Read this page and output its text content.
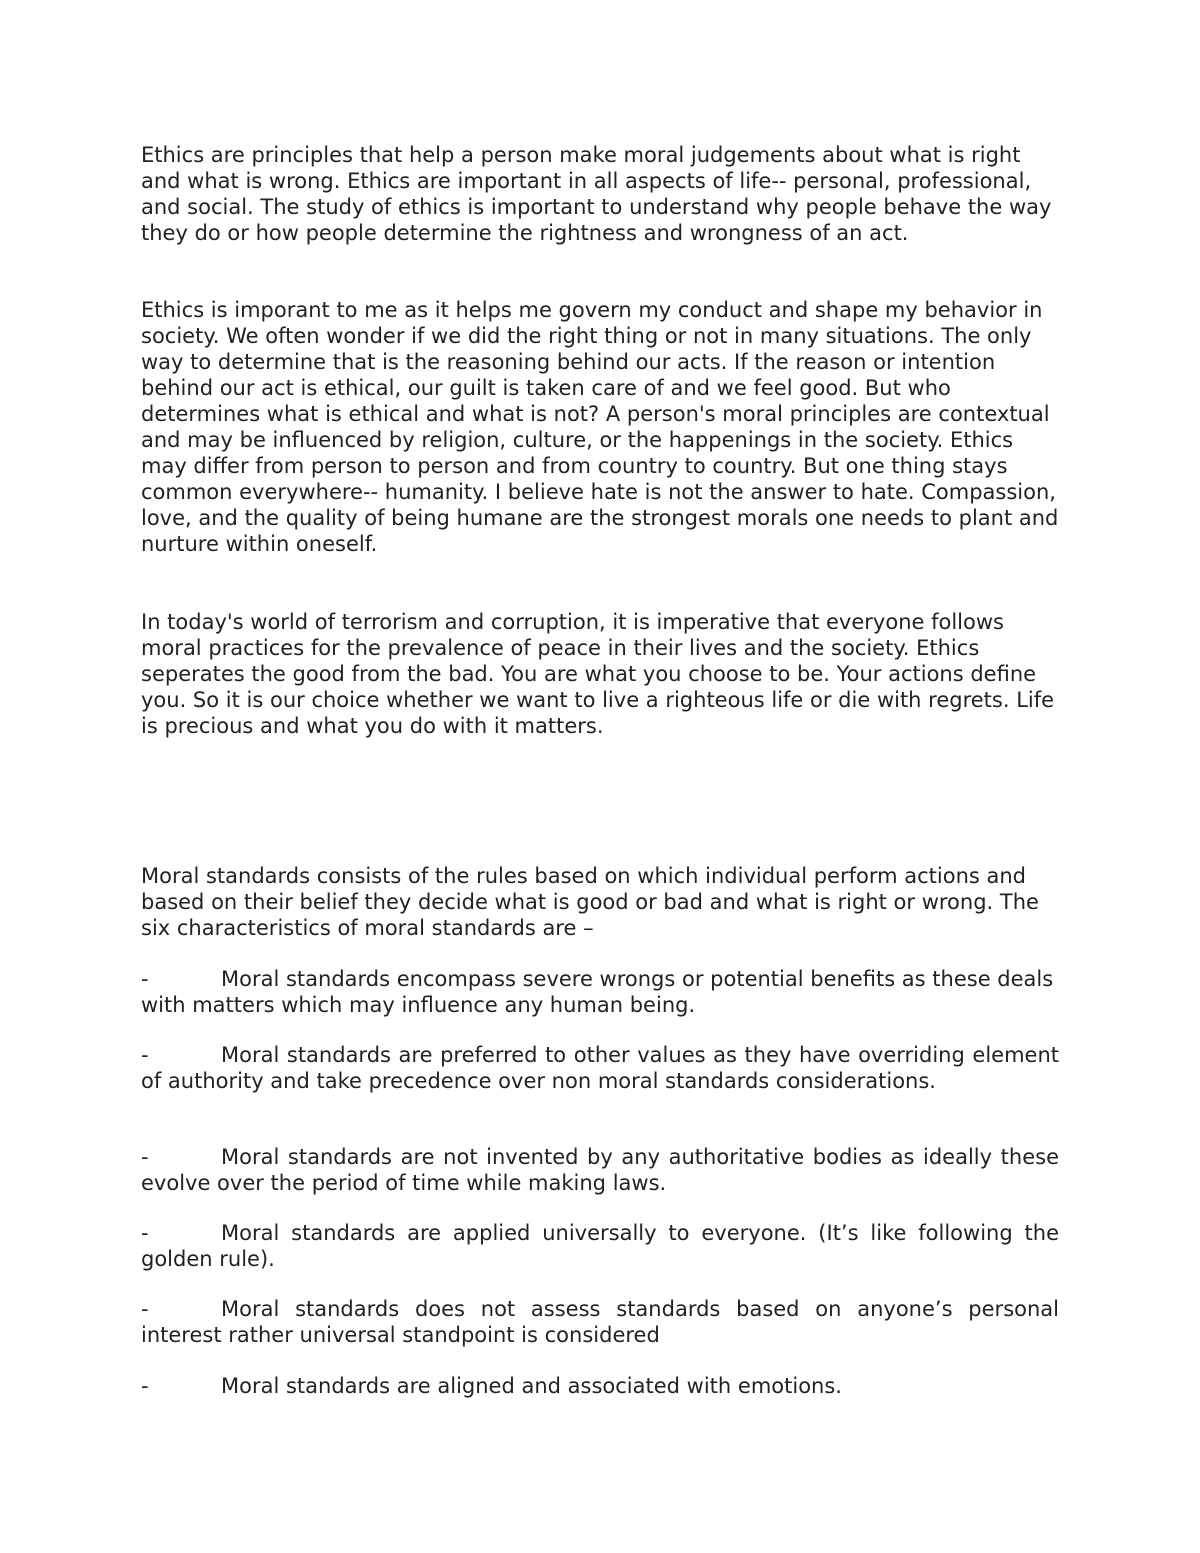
Ethics are principles that help a person make moral judgements about what is right and what is wrong. Ethics are important in all aspects of life-- personal, professional, and social. The study of ethics is important to understand why people behave the way they do or how people determine the rightness and wrongness of an act.

Ethics is imporant to me as it helps me govern my conduct and shape my behavior in society. We often wonder if we did the right thing or not in many situations. The only way to determine that is the reasoning behind our acts. If the reason or intention behind our act is ethical, our guilt is taken care of and we feel good. But who determines what is ethical and what is not? A person's moral principles are contextual and may be influenced by religion, culture, or the happenings in the society. Ethics may differ from person to person and from country to country. But one thing stays common everywhere-- humanity. I believe hate is not the answer to hate. Compassion, love, and the quality of being humane are the strongest morals one needs to plant and nurture within oneself.

In today's world of terrorism and corruption, it is imperative that everyone follows moral practices for the prevalence of peace in their lives and the society. Ethics seperates the good from the bad. You are what you choose to be. Your actions define you. So it is our choice whether we want to live a righteous life or die with regrets. Life is precious and what you do with it matters.

Moral standards consists of the rules based on which individual perform actions and based on their belief they decide what is good or bad and what is right or wrong. The six characteristics of moral standards are –

-	Moral standards encompass severe wrongs or potential benefits as these deals with matters which may influence any human being.

-	Moral standards are preferred to other values as they have overriding element of authority and take precedence over non moral standards considerations.

-	Moral standards are not invented by any authoritative bodies as ideally these evolve over the period of time while making laws.

-	Moral standards are applied universally to everyone. (It’s like following the golden rule).

-	Moral standards does not assess standards based on anyone’s personal interest rather universal standpoint is considered

-	Moral standards are aligned and associated with emotions.
